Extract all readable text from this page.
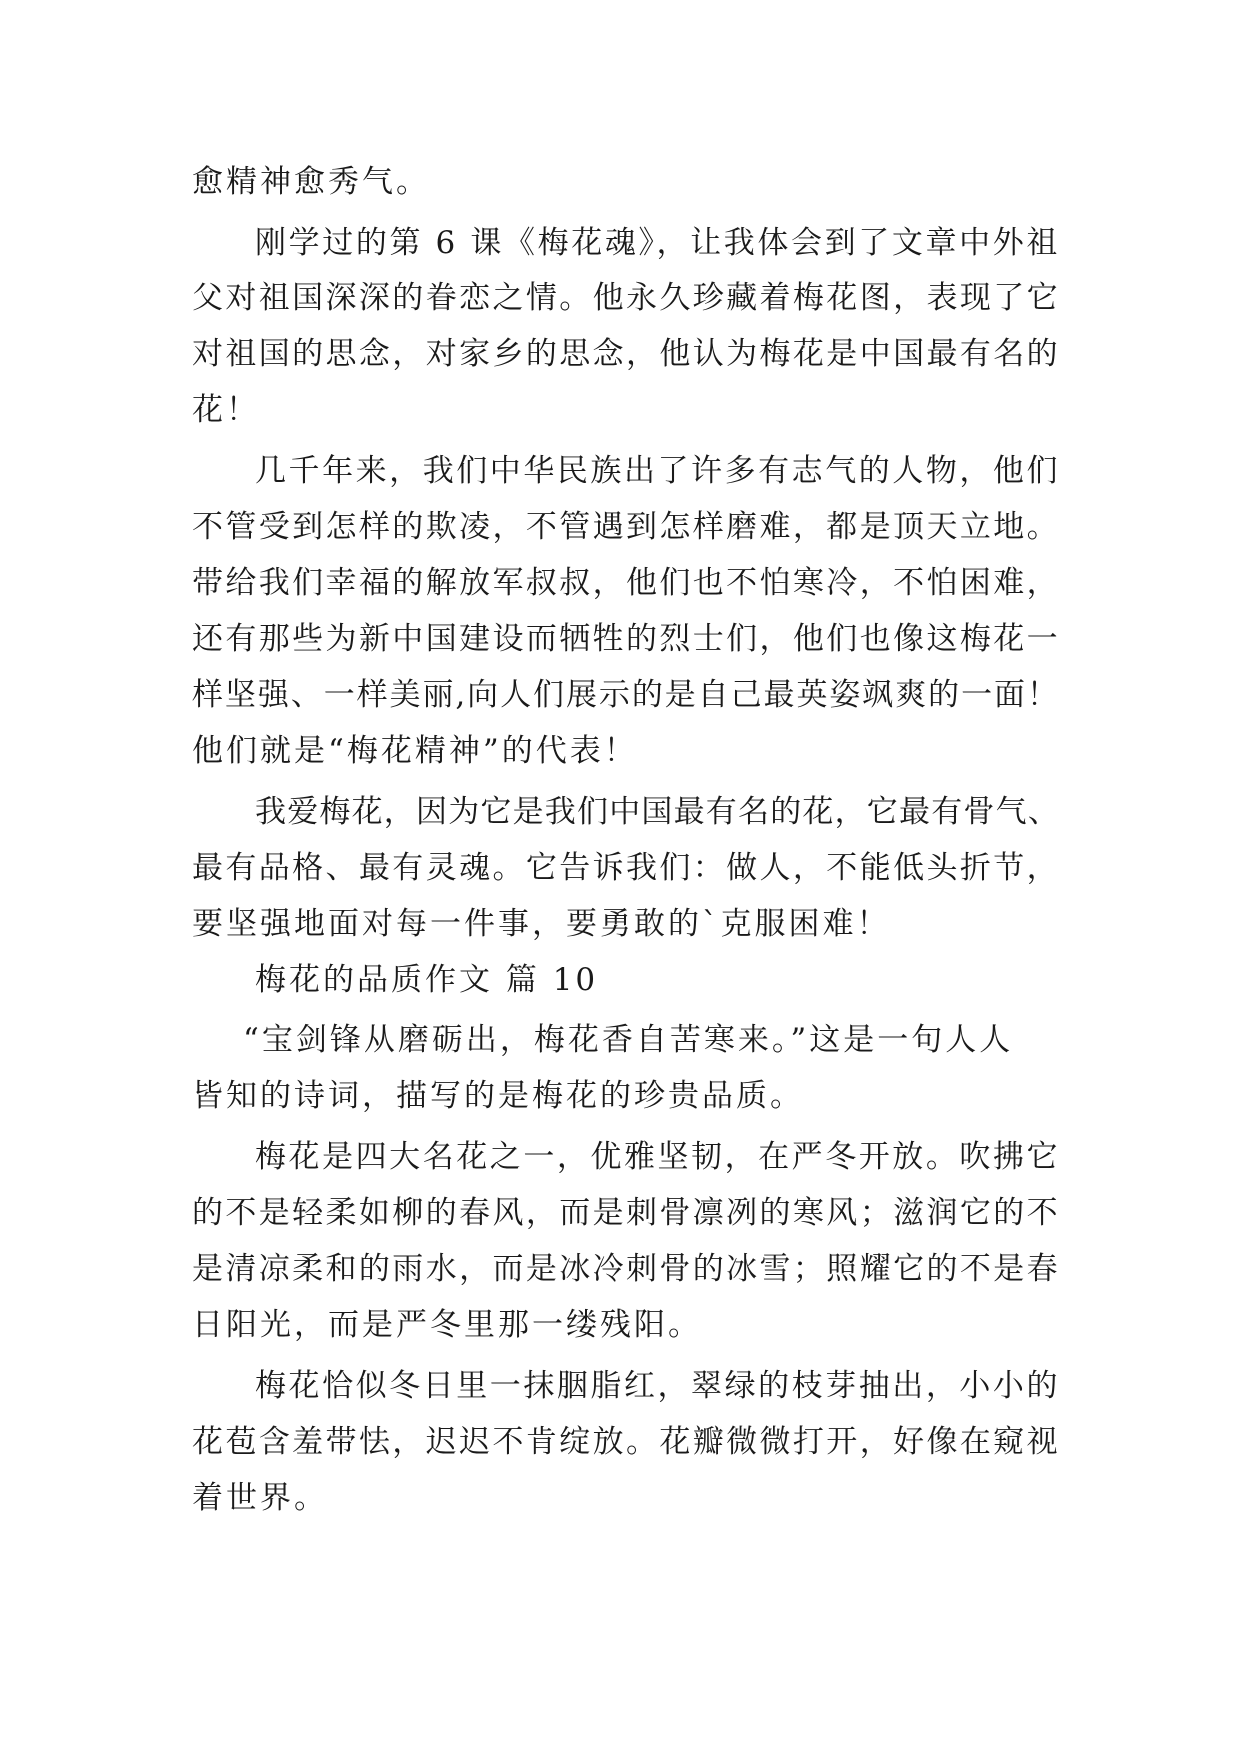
愈精神愈秀气。
刚学过的第 6 课《梅花魂》，让我体会到了文章中外祖
父对祖国深深的眷恋之情。他永久珍藏着梅花图，表现了它
对祖国的思念，对家乡的思念，他认为梅花是中国最有名的
花！
几千年来，我们中华民族出了许多有志气的人物，他们
不管受到怎样的欺凌，不管遇到怎样磨难，都是顶天立地。
带给我们幸福的解放军叔叔，他们也不怕寒冷，不怕困难，
还有那些为新中国建设而牺牲的烈士们，他们也像这梅花一
样坚强、一样美丽,向人们展示的是自己最英姿飒爽的一面！
他们就是“梅花精神”的代表！
我爱梅花，因为它是我们中国最有名的花，它最有骨气、
最有品格、最有灵魂。它告诉我们：做人，不能低头折节，
要坚强地面对每一件事，要勇敢的`克服困难！
梅花的品质作文 篇 10
“宝剑锋从磨砺出，梅花香自苦寒来。”这是一句人人
皆知的诗词，描写的是梅花的珍贵品质。
梅花是四大名花之一，优雅坚韧，在严冬开放。吹拂它
的不是轻柔如柳的春风，而是刺骨凛冽的寒风；滋润它的不
是清凉柔和的雨水，而是冰冷刺骨的冰雪；照耀它的不是春
日阳光，而是严冬里那一缕残阳。
梅花恰似冬日里一抹胭脂红，翠绿的枝芽抽出，小小的
花苞含羞带怯，迟迟不肯绽放。花瓣微微打开，好像在窥视
着世界。
